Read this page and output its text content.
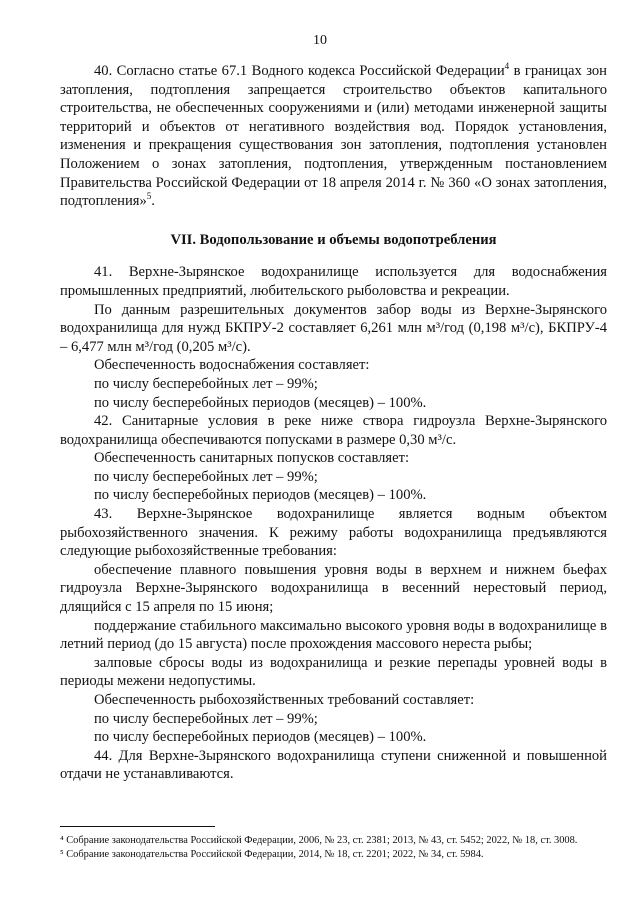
10

40. Согласно статье 67.1 Водного кодекса Российской Федерации$^4$ в границах зон затопления, подтопления запрещается строительство объектов капитального строительства, не обеспеченных сооружениями и (или) методами инженерной защиты территорий и объектов от негативного воздействия вод. Порядок установления, изменения и прекращения существования зон затопления, подтопления установлен Положением о зонах затопления, подтопления, утвержденным постановлением Правительства Российской Федерации от 18 апреля 2014 г. № 360 «О зонах затопления, подтопления»$^5$.

VII. Водопользование и объемы водопотребления

41. Верхне-Зырянское водохранилище используется для водоснабжения промышленных предприятий, любительского рыболовства и рекреации.

По данным разрешительных документов забор воды из Верхне-Зырянского водохранилища для нужд БКПРУ-2 составляет 6,261 млн м³/год (0,198 м³/с), БКПРУ-4 – 6,477 млн м³/год (0,205 м³/с).

Обеспеченность водоснабжения составляет:

по числу бесперебойных лет – 99%;

по числу бесперебойных периодов (месяцев) – 100%.

42. Санитарные условия в реке ниже створа гидроузла Верхне-Зырянского водохранилища обеспечиваются попусками в размере 0,30 м³/с.

Обеспеченность санитарных попусков составляет:

по числу бесперебойных лет – 99%;

по числу бесперебойных периодов (месяцев) – 100%.

43. Верхне-Зырянское водохранилище является водным объектом рыбохозяйственного значения. К режиму работы водохранилища предъявляются следующие рыбохозяйственные требования:

обеспечение плавного повышения уровня воды в верхнем и нижнем бьефах гидроузла Верхне-Зырянского водохранилища в весенний нерестовый период, длящийся с 15 апреля по 15 июня;

поддержание стабильного максимально высокого уровня воды в водохранилище в летний период (до 15 августа) после прохождения массового нереста рыбы;

залповые сбросы воды из водохранилища и резкие перепады уровней воды в периоды межени недопустимы.

Обеспеченность рыбохозяйственных требований составляет:

по числу бесперебойных лет – 99%;

по числу бесперебойных периодов (месяцев) – 100%.

44. Для Верхне-Зырянского водохранилища ступени сниженной и повышенной отдачи не устанавливаются.

⁴ Собрание законодательства Российской Федерации, 2006, № 23, ст. 2381; 2013, № 43, ст. 5452; 2022, № 18, ст. 3008.

⁵ Собрание законодательства Российской Федерации, 2014, № 18, ст. 2201; 2022, № 34, ст. 5984.
